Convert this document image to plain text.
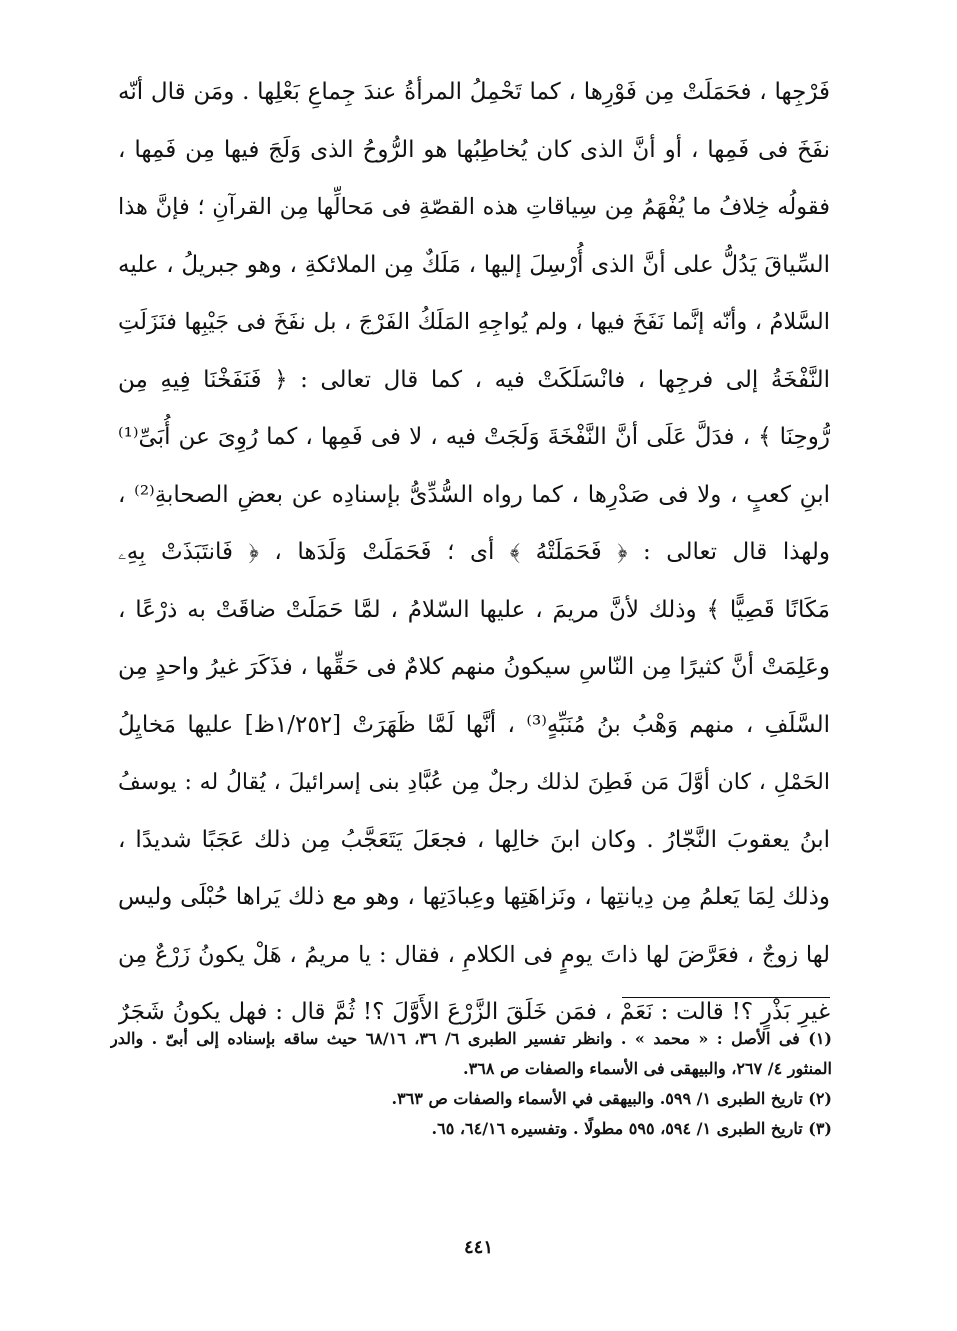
فَرْجِها ، فحَمَلَتْ مِن فَوْرِها ، كما تَحْمِلُ المرأةُ عندَ جِماعِ بَعْلِها . ومَن قال أنّه
نفَخَ فى فَمِها ، أو أنَّ الذى كان يُخاطِبُها هو الرُّوحُ الذى وَلَجَ فيها مِن فَمِها ،
فقولُه خِلافُ ما يُفْهَمُ مِن سِياقاتِ هذه القصّةِ فى مَحالِّها مِن القرآنِ ؛ فإنَّ هذا
السِّياقَ يَدُلُّ على أنَّ الذى أُرْسِلَ إليها ، مَلَكٌ مِن الملائكةِ ، وهو جبريلُ ، عليه
السَّلامُ ، وأنّه إنَّما نَفَخَ فيها ، ولم يُواجِهِ المَلَكُ الفَرْجَ ، بل نفَخَ فى جَيْبِها فنَزَلَتِ
النَّفْخَةُ إلى فرجِها ، فانْسَلَكَتْ فيه ، كما قال تعالى : ﴿ فَنَفَخْنَا فِيهِ مِن
رُّوحِنَا ﴾ ، فدَلَّ عَلَى أنَّ النَّفْخَةَ وَلَجَتْ فيه ، لا فى فَمِها ، كما رُوِىَ عن أُبَىِّ⁽¹⁾
ابنِ كعبٍ ، ولا فى صَدْرِها ، كما رواه السُّدِّىُّ بإسنادِه عن بعضِ الصحابةِ⁽²⁾ ،
ولهذا قال تعالى : ﴿ فَحَمَلَتْهُ ﴾ أى ؛ فَحَمَلَتْ وَلَدَها ، ﴿ فَانتَبَذَتْ بِهِۦ
مَكَانًا قَصِيًّا ﴾ وذلك لأنَّ مريمَ ، عليها السّلامُ ، لمَّا حَمَلَتْ ضاقَتْ به ذرْعًا ،
وعَلِمَتْ أنَّ كثيرًا مِن النّاسِ سيكونُ منهم كلامٌ فى حَقِّها ، فذَكَرَ غيرُ واحدٍ مِن
السَّلَفِ ، منهم وَهْبُ بنُ مُنَبِّهٍ⁽³⁾ ، أنَّها لَمَّا ظَهَرَتْ [١/٢٥٢ظ] عليها مَخايِلُ
الحَمْلِ ، كان أوَّلَ مَن فَطِنَ لذلك رجلٌ مِن عُبَّادِ بنى إسرائيلَ ، يُقالُ له : يوسفُ
ابنُ يعقوبَ النَّجّارُ . وكان ابنَ خالِها ، فجعَلَ يَتَعَجَّبُ مِن ذلك عَجَبًا شديدًا ،
وذلك لِمَا يَعلمُ مِن دِيانتِها ، ونَزاهَتِها وعِبادَتِها ، وهو مع ذلك يَراها حُبْلَى وليس
لها زوجٌ ، فعَرَّضَ لها ذاتَ يومٍ فى الكلامِ ، فقال : يا مريمُ ، هَلْ يكونُ زَرْعٌ مِن
غيرِ بَذْرٍ ؟! قالت : نَعَمْ ، فمَن خَلَقَ الزَّرْعَ الأَوَّلَ ؟! ثُمَّ قال : فهل يكونُ شَجَرٌ
(١) فى الأصل : « محمد » . وانظر تفسير الطبرى ٦/ ٣٦، ٦٨/١٦ حيث ساقه بإسناده إلى أبىّ . والدر
المنثور ٤/ ٢٦٧، والبيهقى فى الأسماء والصفات ص ٣٦٨.
(٢) تاريخ الطبرى ١/ ٥٩٩. والبيهقى في الأسماء والصفات ص ٣٦٣.
(٣) تاريخ الطبرى ١/ ٥٩٤، ٥٩٥ مطولًا . وتفسيره ٦٤/١٦، ٦٥.
٤٤١
